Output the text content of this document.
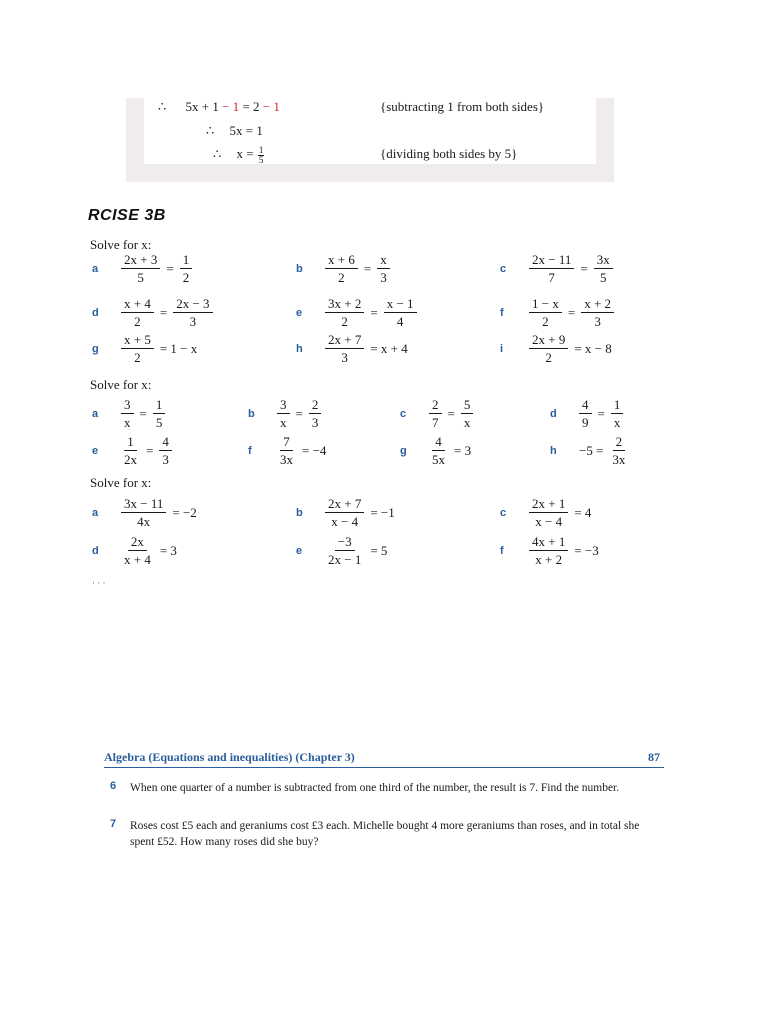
∴ 5x + 1 − 1 = 2 − 1	{subtracting 1 from both sides}
∴ 5x = 1
∴ $x = \frac{1}{5}$	{dividing both sides by 5}
RCISE 3B
Solve for x:
Solve for x:
Solve for x:
a	$\frac{2x + 3}{5} = \frac{1}{2}$	b	$\frac{x + 6}{2} = \frac{x}{3}$	c	$\frac{2x - 11}{7} = \frac{3x}{5}$
d	$\frac{x + 4}{2} = \frac{2x - 3}{3}$	e	$\frac{3x + 2}{2} = \frac{x - 1}{4}$	f	$\frac{1 - x}{2} = \frac{x + 2}{3}$
g	$\frac{x + 5}{2} = 1 - x$	h	$\frac{2x + 7}{3} = x + 4$	i	$\frac{2x + 9}{2} = x - 8$
a	$\frac{3}{x} = \frac{1}{5}$	b	$\frac{3}{x} = \frac{2}{3}$	c	$\frac{2}{7} = \frac{5}{x}$	d	$\frac{4}{9} = \frac{1}{x}$
e	$\frac{1}{2x} = \frac{4}{3}$	f	$\frac{7}{3x} = -4$	g	$\frac{4}{5x} = 3$	h	$-5 = \frac{2}{3x}$
a	$\frac{3x - 11}{4x} = -2$	b	$\frac{2x + 7}{x - 4} = -1$	c	$\frac{2x + 1}{x - 4} = 4$
d	$\frac{2x}{x + 4} = 3$	e	$\frac{-3}{2x - 1} = 5$	f	$\frac{4x + 1}{x + 2} = -3$
· · ·
Algebra (Equations and inequalities) (Chapter 3)	87
6 When one quarter of a number is subtracted from one third of the number, the result is 7. Find the number.
7 Roses cost £5 each and geraniums cost £3 each. Michelle bought 4 more geraniums than roses, and in total she spent £52. How many roses did she buy?
